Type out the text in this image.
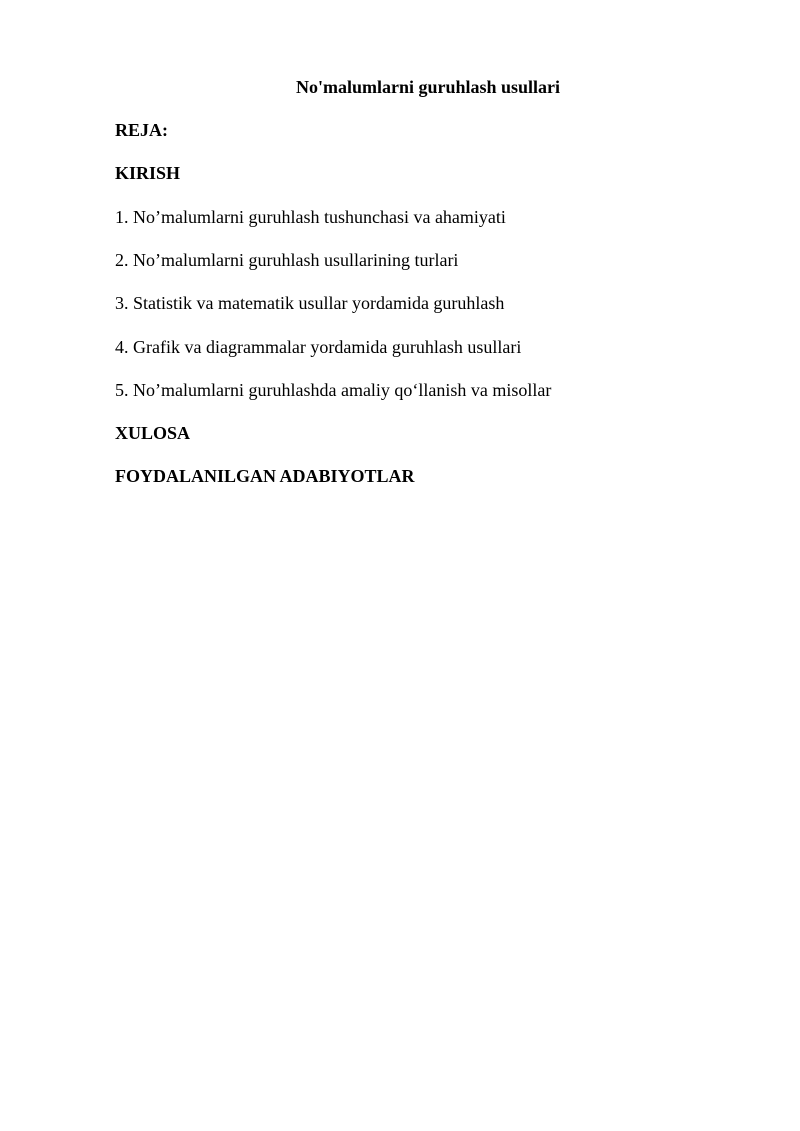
No'malumlarni guruhlash usullari
REJA:
KIRISH
1. No’malumlarni guruhlash tushunchasi va ahamiyati
2. No’malumlarni guruhlash usullarining turlari
3. Statistik va matematik usullar yordamida guruhlash
4. Grafik va diagrammalar yordamida guruhlash usullari
5. No’malumlarni guruhlashda amaliy qo‘llanish va misollar
XULOSA
FOYDALANILGAN ADABIYOTLAR
